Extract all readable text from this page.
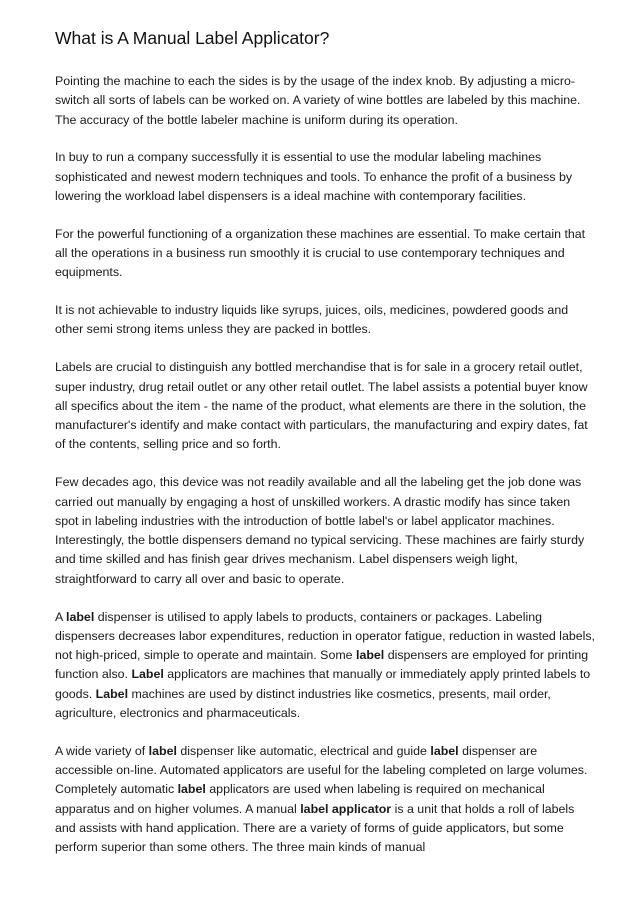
What is A Manual Label Applicator?

Pointing the machine to each the sides is by the usage of the index knob. By adjusting a micro-switch all sorts of labels can be worked on. A variety of wine bottles are labeled by this machine. The accuracy of the bottle labeler machine is uniform during its operation.

In buy to run a company successfully it is essential to use the modular labeling machines sophisticated and newest modern techniques and tools. To enhance the profit of a business by lowering the workload label dispensers is a ideal machine with contemporary facilities.

For the powerful functioning of a organization these machines are essential. To make certain that all the operations in a business run smoothly it is crucial to use contemporary techniques and equipments.

It is not achievable to industry liquids like syrups, juices, oils, medicines, powdered goods and other semi strong items unless they are packed in bottles.

Labels are crucial to distinguish any bottled merchandise that is for sale in a grocery retail outlet, super industry, drug retail outlet or any other retail outlet. The label assists a potential buyer know all specifics about the item - the name of the product, what elements are there in the solution, the manufacturer's identify and make contact with particulars, the manufacturing and expiry dates, fat of the contents, selling price and so forth.

Few decades ago, this device was not readily available and all the labeling get the job done was carried out manually by engaging a host of unskilled workers. A drastic modify has since taken spot in labeling industries with the introduction of bottle label's or label applicator machines. Interestingly, the bottle dispensers demand no typical servicing. These machines are fairly sturdy and time skilled and has finish gear drives mechanism. Label dispensers weigh light, straightforward to carry all over and basic to operate.

A label dispenser is utilised to apply labels to products, containers or packages. Labeling dispensers decreases labor expenditures, reduction in operator fatigue, reduction in wasted labels, not high-priced, simple to operate and maintain. Some label dispensers are employed for printing function also. Label applicators are machines that manually or immediately apply printed labels to goods. Label machines are used by distinct industries like cosmetics, presents, mail order, agriculture, electronics and pharmaceuticals.

A wide variety of label dispenser like automatic, electrical and guide label dispenser are accessible on-line. Automated applicators are useful for the labeling completed on large volumes. Completely automatic label applicators are used when labeling is required on mechanical apparatus and on higher volumes. A manual label applicator is a unit that holds a roll of labels and assists with hand application. There are a variety of forms of guide applicators, but some perform superior than some others. The three main kinds of manual
